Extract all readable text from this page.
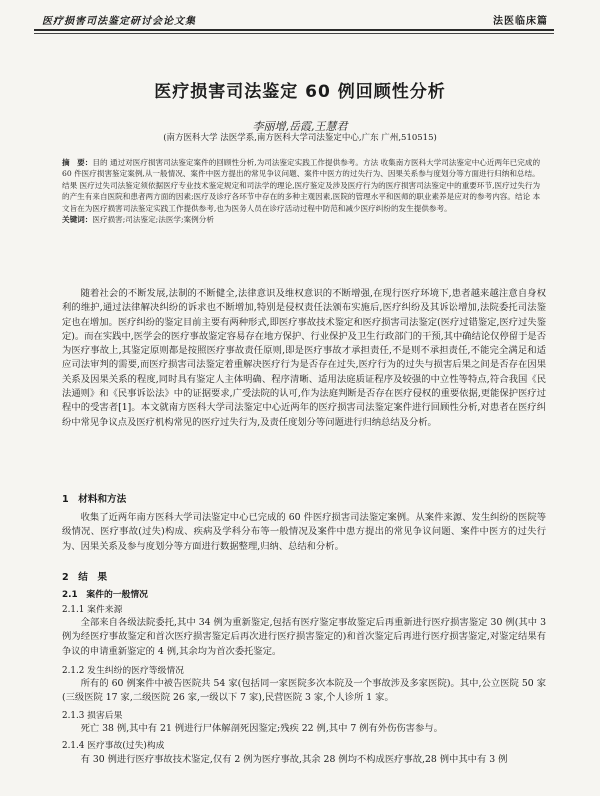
医疗损害司法鉴定研讨会论文集	法医临床篇
医疗损害司法鉴定 60 例回顾性分析
李丽增,岳霞,王慧君
(南方医科大学 法医学系,南方医科大学司法鉴定中心,广东 广州,510515)
摘　要：目的 通过对医疗损害司法鉴定案件的回顾性分析,为司法鉴定实践工作提供参考。方法 收集南方医科大学司法鉴定中心近两年已完成的 60 件医疗损害鉴定案例,从一般情况、案件中医方提出的常见争议问题、案件中医方的过失行为、因果关系参与度划分等方面进行归纳和总结。结果 医疗过失司法鉴定须依据医疗专业技术鉴定规定和司法学的理论,医疗鉴定及涉及医疗行为的医疗损害司法鉴定中的重要环节,医疗过失行为的产生有来自医院和患者两方面的因素;医疗及诊疗各环节中存在的多种主观因素,医院的管理水平和医师的职业素养是应对的参考内容。结论 本文旨在为医疗损害司法鉴定实践工作提供参考,也为医务人员在诊疗活动过程中防范和减少医疗纠纷的发生提供参考。
关键词：医疗损害;司法鉴定;法医学;案例分析
随着社会的不断发展,法制的不断健全,法律意识及维权意识的不断增强,在现行医疗环境下,患者越来越注意自身权利的维护,通过法律解决纠纷的诉求也不断增加,特别是侵权责任法颁布实施后,医疗纠纷及其诉讼增加,法院委托司法鉴定也在增加。医疗纠纷的鉴定目前主要有两种形式,即医疗事故技术鉴定和医疗损害司法鉴定(医疗过错鉴定,医疗过失鉴定)。而在实践中,医学会的医疗事故鉴定容易存在地方保护、行业保护及卫生行政部门的干预,其中确结论仅停留于是否为医疗事故上,其鉴定原则都是按照医疗事故责任原则,即是医疗事故才承担责任,不是则不承担责任,不能完全满足和适应司法审判的需要,而医疗损害司法鉴定着重解决医疗行为是否存在过失,医疗行为的过失与损害后果之间是否存在因果关系及因果关系的程度,同时具有鉴定人主体明确、程序清晰、适用法庭质证程序及较强的中立性等特点,符合我国《民法通则》和《民事诉讼法》中的证据要求,广受法院的认可,作为法庭判断是否存在医疗侵权的重要依据,更能保护医疗过程中的受害者[1]。本文就南方医科大学司法鉴定中心近两年的医疗损害司法鉴定案件进行回顾性分析,对患者在医疗纠纷中常见争议点及医疗机构常见的医疗过失行为,及责任度划分等问题进行归纳总结及分析。
1　材料和方法
收集了近两年南方医科大学司法鉴定中心已完成的 60 件医疗损害司法鉴定案例。从案件来源、发生纠纷的医院等级情况、医疗事故(过失)构成、疾病及学科分布等一般情况及案件中患方提出的常见争议问题、案件中医方的过失行为、因果关系及参与度划分等方面进行数据整理,归纳、总结和分析。
2　结　果
2.1　案件的一般情况
2.1.1 案件来源
全部来自各级法院委托,其中 34 例为重新鉴定,包括有医疗鉴定事故鉴定后再重新进行医疗损害鉴定 30 例(其中 3 例为经医疗事故鉴定和首次医疗损害鉴定后再次进行医疗损害鉴定的)和首次鉴定后再进行医疗损害鉴定,对鉴定结果有争议的申请重新鉴定的 4 例,其余均为首次委托鉴定。
2.1.2 发生纠纷的医疗等级情况
所有的 60 例案件中被告医院共 54 家(包括同一家医院多次本院及一个事故涉及多家医院)。其中,公立医院 50 家(三级医院 17 家,二级医院 26 家,一级以下 7 家),民营医院 3 家,个人诊所 1 家。
2.1.3 损害后果
死亡 38 例,其中有 21 例进行尸体解剖死因鉴定;残疾 22 例,其中 7 例有外伤伤害参与。
2.1.4 医疗事故(过失)构成
有 30 例进行医疗事故技术鉴定,仅有 2 例为医疗事故,其余 28 例均不构成医疗事故,28 例中其中有 3 例
